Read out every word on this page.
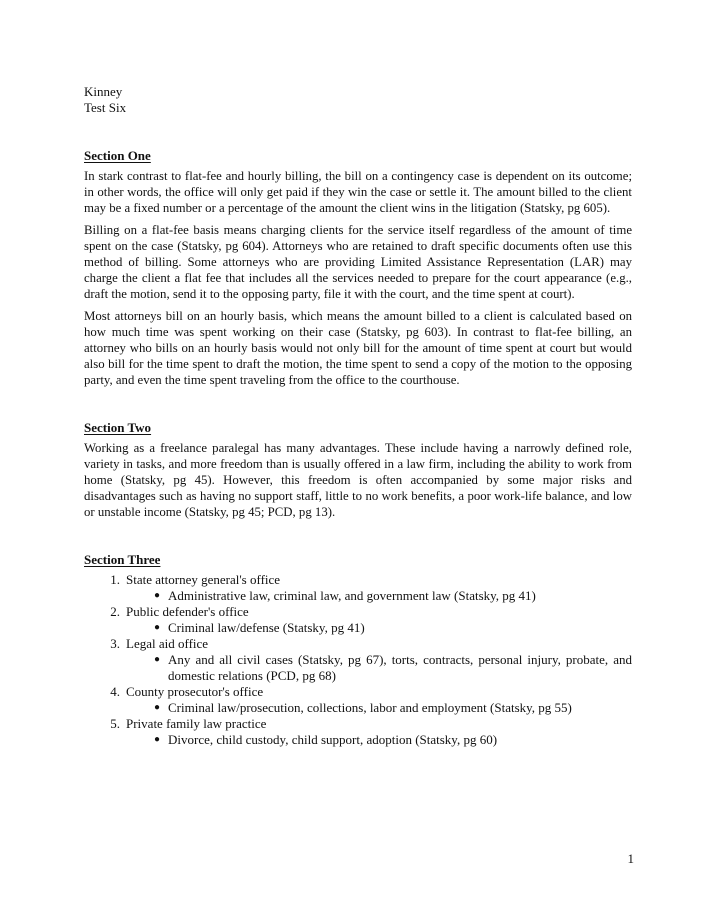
Kinney

Test Six

Section One

In stark contrast to flat-fee and hourly billing, the bill on a contingency case is dependent on its outcome; in other words, the office will only get paid if they win the case or settle it. The amount billed to the client may be a fixed number or a percentage of the amount the client wins in the litigation (Statsky, pg 605).

Billing on a flat-fee basis means charging clients for the service itself regardless of the amount of time spent on the case (Statsky, pg 604). Attorneys who are retained to draft specific documents often use this method of billing. Some attorneys who are providing Limited Assistance Representation (LAR) may charge the client a flat fee that includes all the services needed to prepare for the court appearance (e.g., draft the motion, send it to the opposing party, file it with the court, and the time spent at court).

Most attorneys bill on an hourly basis, which means the amount billed to a client is calculated based on how much time was spent working on their case (Statsky, pg 603). In contrast to flat-fee billing, an attorney who bills on an hourly basis would not only bill for the amount of time spent at court but would also bill for the time spent to draft the motion, the time spent to send a copy of the motion to the opposing party, and even the time spent traveling from the office to the courthouse.

Section Two

Working as a freelance paralegal has many advantages. These include having a narrowly defined role, variety in tasks, and more freedom than is usually offered in a law firm, including the ability to work from home (Statsky, pg 45). However, this freedom is often accompanied by some major risks and disadvantages such as having no support staff, little to no work benefits, a poor work-life balance, and low or unstable income (Statsky, pg 45; PCD, pg 13).

Section Three

1. State attorney general's office
● Administrative law, criminal law, and government law (Statsky, pg 41)
2. Public defender's office
● Criminal law/defense (Statsky, pg 41)
3. Legal aid office
● Any and all civil cases (Statsky, pg 67), torts, contracts, personal injury, probate, and domestic relations (PCD, pg 68)
4. County prosecutor's office
● Criminal law/prosecution, collections, labor and employment (Statsky, pg 55)
5. Private family law practice
● Divorce, child custody, child support, adoption (Statsky, pg 60)
1
